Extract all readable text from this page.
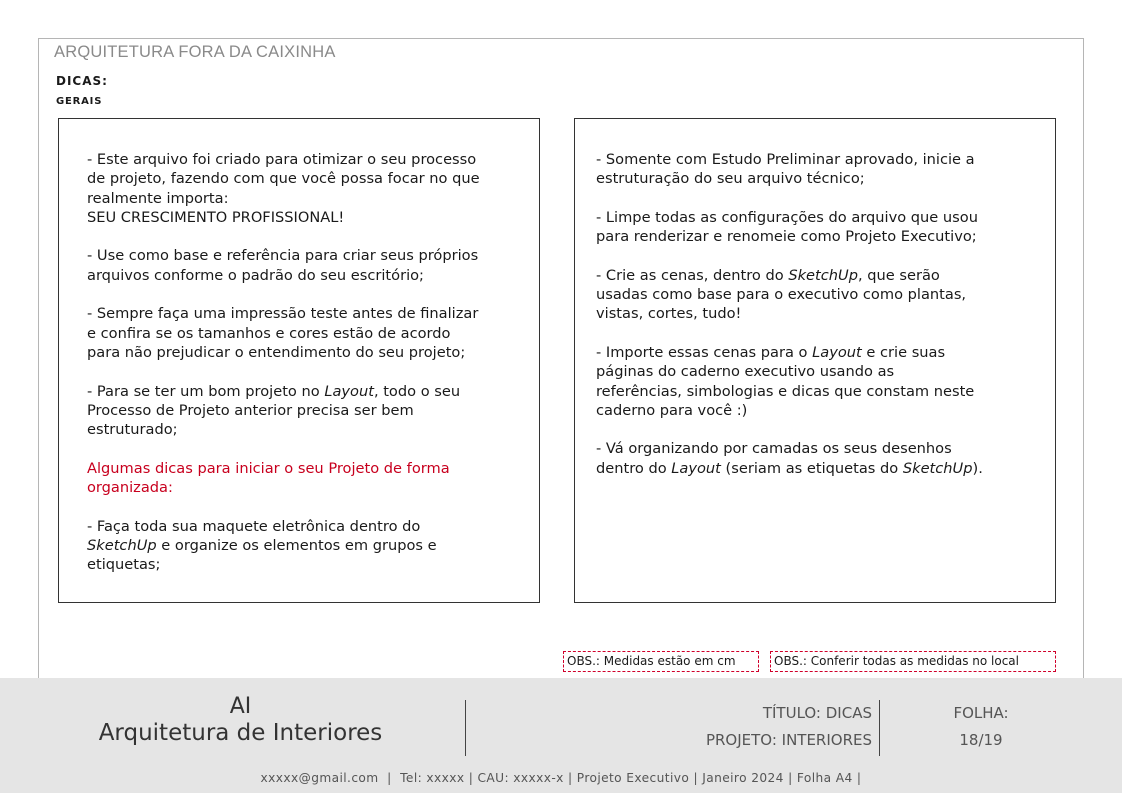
ARQUITETURA FORA DA CAIXINHA
DICAS:
GERAIS

- Este arquivo foi criado para otimizar o seu processo
de projeto, fazendo com que você possa focar no que
realmente importa:
SEU CRESCIMENTO PROFISSIONAL!

- Use como base e referência para criar seus próprios
arquivos conforme o padrão do seu escritório;

- Sempre faça uma impressão teste antes de finalizar
e confira se os tamanhos e cores estão de acordo
para não prejudicar o entendimento do seu projeto;

- Para se ter um bom projeto no Layout, todo o seu
Processo de Projeto anterior precisa ser bem
estruturado;

Algumas dicas para iniciar o seu Projeto de forma
organizada:

- Faça toda sua maquete eletrônica dentro do
SketchUp e organize os elementos em grupos e
etiquetas;

- Somente com Estudo Preliminar aprovado, inicie a
estruturação do seu arquivo técnico;

- Limpe todas as configurações do arquivo que usou
para renderizar e renomeie como Projeto Executivo;

- Crie as cenas, dentro do SketchUp, que serão
usadas como base para o executivo como plantas,
vistas, cortes, tudo!

- Importe essas cenas para o Layout e crie suas
páginas do caderno executivo usando as
referências, simbologias e dicas que constam neste
caderno para você :)

- Vá organizando por camadas os seus desenhos
dentro do Layout (seriam as etiquetas do SketchUp).

OBS.: Medidas estão em cm	OBS.: Conferir todas as medidas no local
AI
Arquitetura de Interiores
TÍTULO: DICAS
PROJETO: INTERIORES
FOLHA:
18/19
xxxxx@gmail.com  |  Tel: xxxxx | CAU: xxxxx-x | Projeto Executivo | Janeiro 2024 | Folha A4 |
